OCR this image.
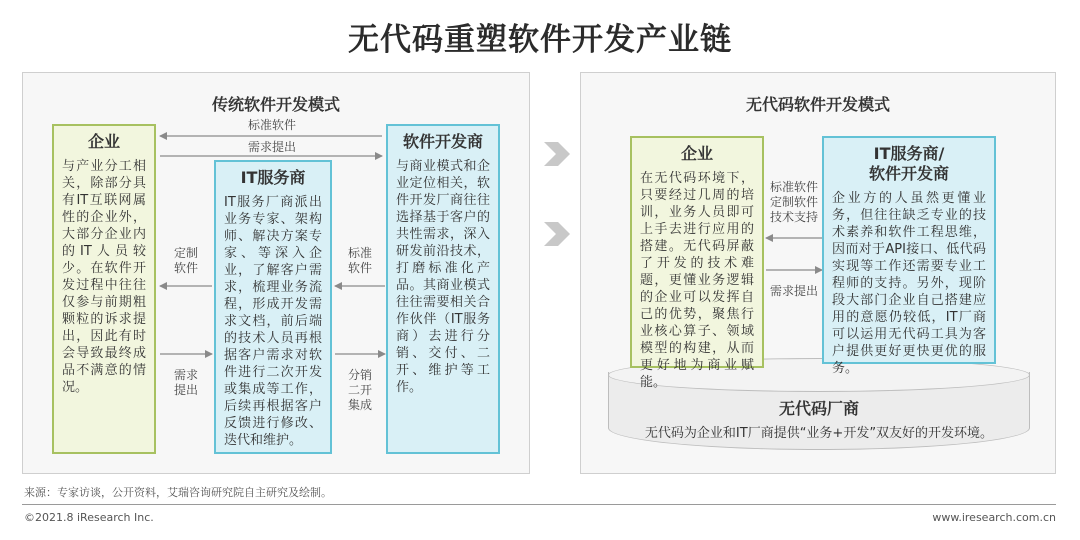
无代码重塑软件开发产业链
传统软件开发模式	无代码软件开发模式
企业
与产业分工相关，除部分具有IT互联网属性的企业外，大部分企业内的IT人员较少。在软件开发过程中往往仅参与前期粗颗粒的诉求提出，因此有时会导致最终成品不满意的情况。
IT服务商
IT服务厂商派出业务专家、架构师、解决方案专家、等深入企业，了解客户需求，梳理业务流程，形成开发需求文档，前后端的技术人员再根据客户需求对软件进行二次开发或集成等工作，后续再根据客户反馈进行修改、迭代和维护。
软件开发商
与商业模式和企业定位相关，软件开发厂商往往选择基于客户的共性需求，深入研发前沿技术，打磨标准化产品。其商业模式往往需要相关合作伙伴（IT服务商）去进行分销、交付、二开、维护等工作。
标准软件
需求提出
定制
软件
需求
提出
标准
软件
分销
二开
集成	无代码厂商
无代码为企业和IT厂商提供“业务+开发”双友好的开发环境。
企业
在无代码环境下，只要经过几周的培训，业务人员即可上手去进行应用的搭建。无代码屏蔽了开发的技术难题，更懂业务逻辑的企业可以发挥自己的优势，聚焦行业核心算子、领域模型的构建，从而更好地为商业赋能。
IT服务商/
软件开发商
企业方的人虽然更懂业务，但往往缺乏专业的技术素养和软件工程思维，因而对于API接口、低代码实现等工作还需要专业工程师的支持。另外，现阶段大部门企业自己搭建应用的意愿仍较低，IT厂商可以运用无代码工具为客户提供更好更快更优的服务。
标准软件
定制软件
技术支持
需求提出
来源：专家访谈，公开资料，艾瑞咨询研究院自主研究及绘制。
©2021.8 iResearch Inc.	www.iresearch.com.cn
